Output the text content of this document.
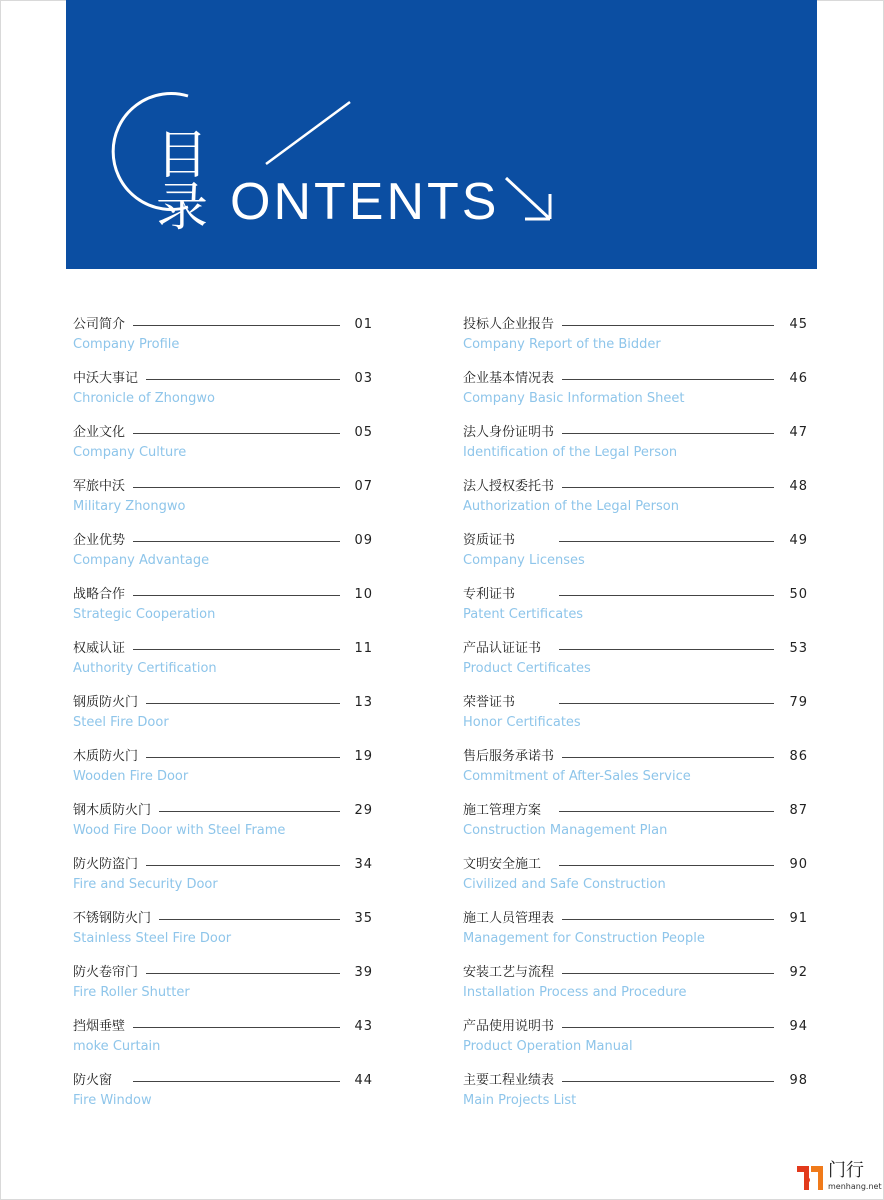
目录 ONTENTS
公司简介	01
Company Profile
中沃大事记	03
Chronicle of Zhongwo
企业文化	05
Company Culture
军旅中沃	07
Military Zhongwo
企业优势	09
Company Advantage
战略合作	10
Strategic Cooperation
权威认证	11
Authority Certification
钢质防火门	13
Steel Fire Door
木质防火门	19
Wooden Fire Door
钢木质防火门	29
Wood Fire Door with Steel Frame
防火防盗门	34
Fire and Security Door
不锈钢防火门	35
Stainless Steel Fire Door
防火卷帘门	39
Fire Roller Shutter
挡烟垂壁	43
moke Curtain
防火窗	44
Fire Window
投标人企业报告	45
Company Report of the Bidder
企业基本情况表	46
Company Basic Information Sheet
法人身份证明书	47
Identification of the Legal Person
法人授权委托书	48
Authorization of the Legal Person
资质证书	49
Company Licenses
专利证书	50
Patent Certificates
产品认证证书	53
Product Certificates
荣誉证书	79
Honor Certificates
售后服务承诺书	86
Commitment of After-Sales Service
施工管理方案	87
Construction Management Plan
文明安全施工	90
Civilized and Safe Construction
施工人员管理表	91
Management for Construction People
安装工艺与流程	92
Installation Process and Procedure
产品使用说明书	94
Product Operation Manual
主要工程业绩表	98
Main Projects List
门行
menhang.net
